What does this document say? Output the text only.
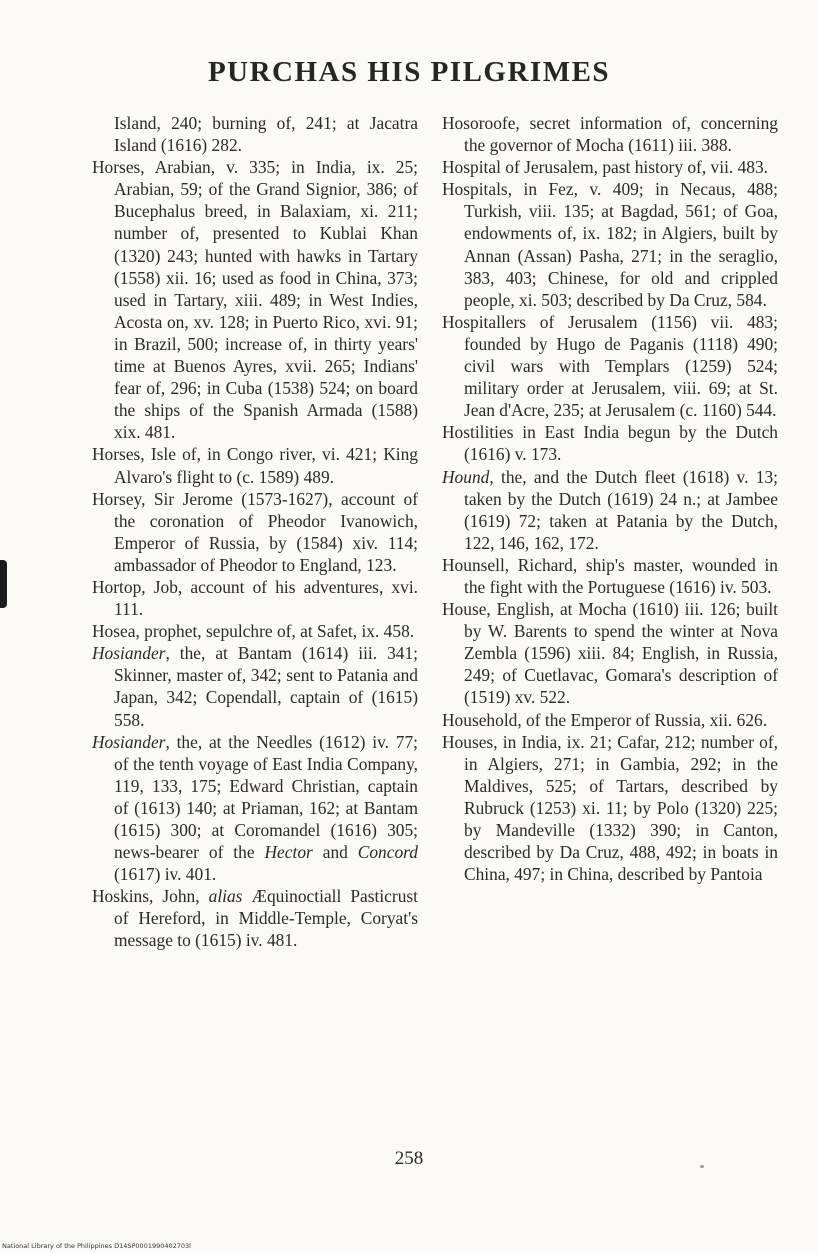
PURCHAS HIS PILGRIMES

Island, 240; burning of, 241; at Jacatra Island (1616) 282.

Horses, Arabian, v. 335; in India, ix. 25; Arabian, 59; of the Grand Signior, 386; of Bucephalus breed, in Balaxiam, xi. 211; number of, presented to Kublai Khan (1320) 243; hunted with hawks in Tartary (1558) xii. 16; used as food in China, 373; used in Tartary, xiii. 489; in West Indies, Acosta on, xv. 128; in Puerto Rico, xvi. 91; in Brazil, 500; increase of, in thirty years' time at Buenos Ayres, xvii. 265; Indians' fear of, 296; in Cuba (1538) 524; on board the ships of the Spanish Armada (1588) xix. 481.

Horses, Isle of, in Congo river, vi. 421; King Alvaro's flight to (c. 1589) 489.

Horsey, Sir Jerome (1573-1627), account of the coronation of Pheodor Ivanowich, Emperor of Russia, by (1584) xiv. 114; ambassador of Pheodor to England, 123.

Hortop, Job, account of his adventures, xvi. 111.

Hosea, prophet, sepulchre of, at Safet, ix. 458.

Hosiander, the, at Bantam (1614) iii. 341; Skinner, master of, 342; sent to Patania and Japan, 342; Copendall, captain of (1615) 558.

Hosiander, the, at the Needles (1612) iv. 77; of the tenth voyage of East India Company, 119, 133, 175; Edward Christian, captain of (1613) 140; at Priaman, 162; at Bantam (1615) 300; at Coromandel (1616) 305; news-bearer of the Hector and Concord (1617) iv. 401.

Hoskins, John, alias Æquinoctiall Pasticrust of Hereford, in Middle-Temple, Coryat's message to (1615) iv. 481.

Hosoroofe, secret information of, concerning the governor of Mocha (1611) iii. 388.

Hospital of Jerusalem, past history of, vii. 483.

Hospitals, in Fez, v. 409; in Necaus, 488; Turkish, viii. 135; at Bagdad, 561; of Goa, endowments of, ix. 182; in Algiers, built by Annan (Assan) Pasha, 271; in the seraglio, 383, 403; Chinese, for old and crippled people, xi. 503; described by Da Cruz, 584.

Hospitallers of Jerusalem (1156) vii. 483; founded by Hugo de Paganis (1118) 490; civil wars with Templars (1259) 524; military order at Jerusalem, viii. 69; at St. Jean d'Acre, 235; at Jerusalem (c. 1160) 544.

Hostilities in East India begun by the Dutch (1616) v. 173.

Hound, the, and the Dutch fleet (1618) v. 13; taken by the Dutch (1619) 24 n.; at Jambee (1619) 72; taken at Patania by the Dutch, 122, 146, 162, 172.

Hounsell, Richard, ship's master, wounded in the fight with the Portuguese (1616) iv. 503.

House, English, at Mocha (1610) iii. 126; built by W. Barents to spend the winter at Nova Zembla (1596) xiii. 84; English, in Russia, 249; of Cuetlavac, Gomara's description of (1519) xv. 522.

Household, of the Emperor of Russia, xii. 626.

Houses, in India, ix. 21; Cafar, 212; number of, in Algiers, 271; in Gambia, 292; in the Maldives, 525; of Tartars, described by Rubruck (1253) xi. 11; by Polo (1320) 225; by Mandeville (1332) 390; in Canton, described by Da Cruz, 488, 492; in boats in China, 497; in China, described by Pantoia

258
National Library of the Philippines D14SP0001990402703l
